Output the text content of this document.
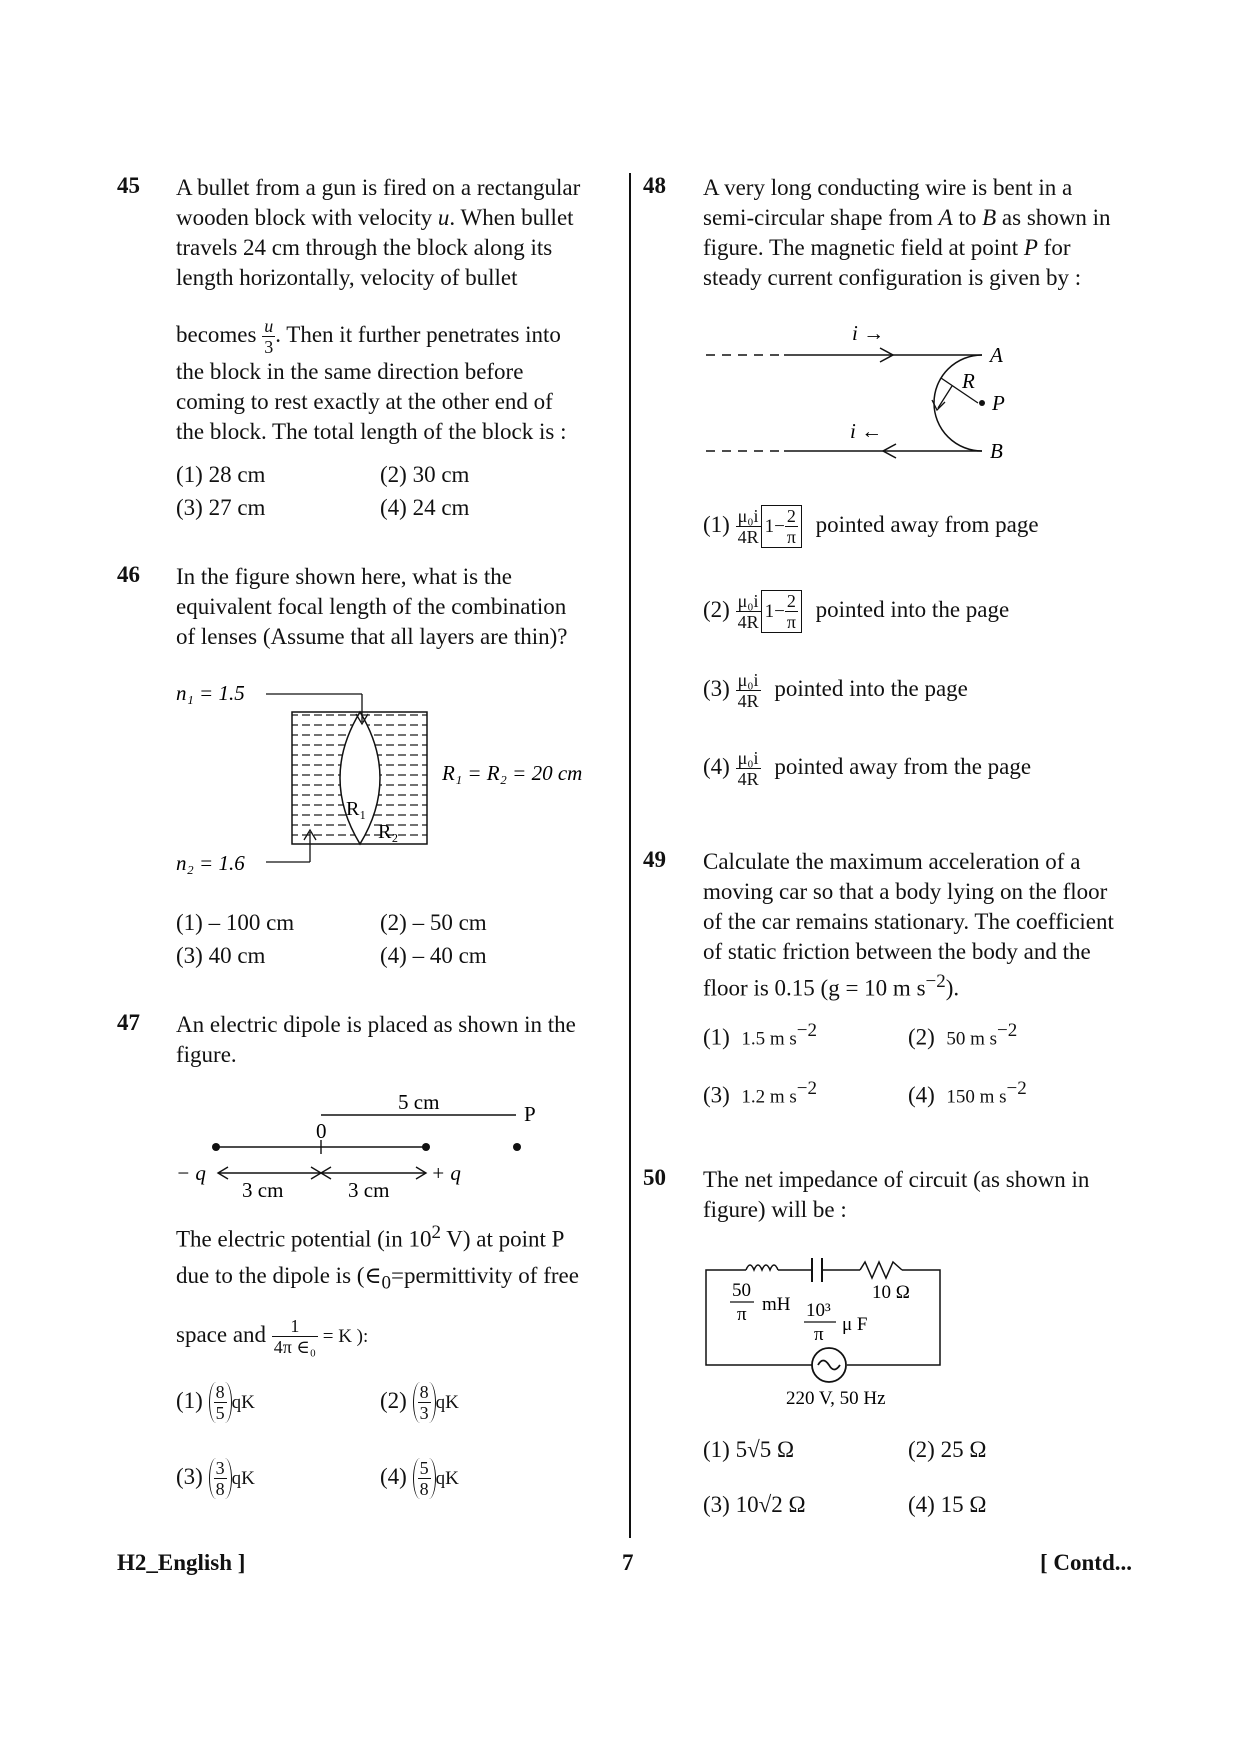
45 A bullet from a gun is fired on a rectangular

wooden block with velocity u. When bullet

travels 24 cm through the block along its

length horizontally, velocity of bullet

becomes $\frac{u}{3}$ . Then it further penetrates into

the block in the same direction before

coming to rest exactly at the other end of

the block. The total length of the block is :

(1) 28 cm	(2) 30 cm
(3) 27 cm	(4) 24 cm
46 In the figure shown here, what is the

equivalent focal length of the combination

of lenses (Assume that all layers are thin)?

n₁ = 1.5
n₂ = 1.6
R₁ = R₂ = 20 cm
R₁
R₂
(1) – 100 cm	(2) – 50 cm
(3) 40 cm	(4) – 40 cm
47 An electric dipole is placed as shown in the

figure.

5 cm	P
0
− q	+ q
3 cm	3 cm

The electric potential (in $10^2$ V) at point P

due to the dipole is ($\in_0=permittivity$ of free

space and $\frac{1}{\text{4π ∈₀}} = K$ ):

$(1) \frac{8}{5}$ qK	$(2) \frac{8}{3}$ qK
$(3) \frac{3}{8}$ qK	$(4) \frac{5}{8}$ qK
48 A very long conducting wire is bent in a

semi-circular shape from A to B as shown in

figure. The magnetic field at point P for

steady current configuration is given by :

i →
i ←
A
B
R
P
$(1) \frac{\text{μ₀i}}{4R} 1- \frac{2}{\pi}$ pointed away from page
$(2) \frac{\text{μ₀i}}{4R} 1- \frac{2}{\pi}$ pointed into the page
$(3) \frac{\text{μ₀i}}{4R}$ pointed into the page
$(4) \frac{\text{μ₀i}}{4R}$ pointed away from the page
49 Calculate the maximum acceleration of a

moving car so that a body lying on the floor

of the car remains stationary. The coefficient

of static friction between the body and the

floor is 0.15 (g = 10 m $s^{-2}$).

(1) 1.5 m $s^{-2}$	(2) 50 m $s^{-2}$
(3) 1.2 m $s^{-2}$	(4) 150 m $s^{-2}$
50 The net impedance of circuit (as shown in

figure) will be :

50
π mH 10³
π μ F
10 Ω
220 V, 50 Hz
(1) 5√5 Ω	(2) 25 Ω
(3) 10√2 Ω	(4) 15 Ω
H2_English ]	7	[ Contd...
